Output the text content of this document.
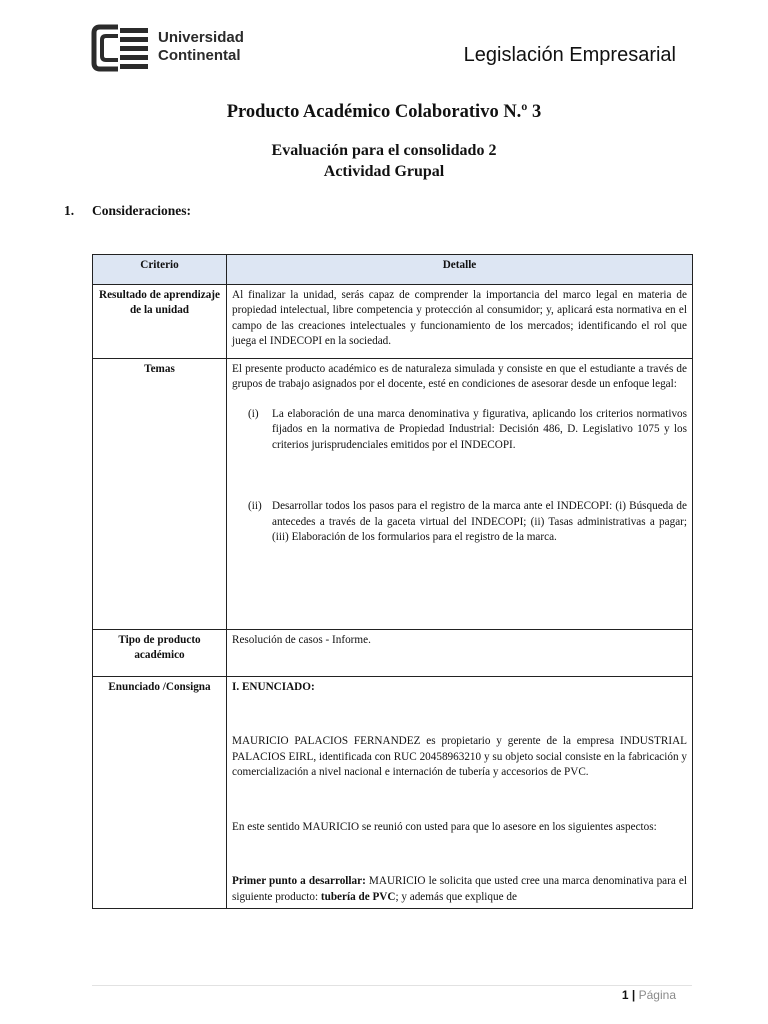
Universidad
Continental	Legislación Empresarial
Producto Académico Colaborativo N.º 3
Evaluación para el consolidado 2
Actividad Grupal
1. Consideraciones:
Criterio	Detalle
Resultado de aprendizaje de la unidad	Al finalizar la unidad, serás capaz de comprender la importancia del marco legal en materia de propiedad intelectual, libre competencia y protección al consumidor; y, aplicará esta normativa en el campo de las creaciones intelectuales y funcionamiento de los mercados; identificando el rol que juega el INDECOPI en la sociedad.
Temas	El presente producto académico es de naturaleza simulada y consiste en que el estudiante a través de grupos de trabajo asignados por el docente, esté en condiciones de asesorar desde un enfoque legal:
(i) La elaboración de una marca denominativa y figurativa, aplicando los criterios normativos fijados en la normativa de Propiedad Industrial: Decisión 486, D. Legislativo 1075 y los criterios jurisprudenciales emitidos por el INDECOPI.
(ii) Desarrollar todos los pasos para el registro de la marca ante el INDECOPI: (i) Búsqueda de antecedes a través de la gaceta virtual del INDECOPI; (ii) Tasas administrativas a pagar; (iii) Elaboración de los formularios para el registro de la marca.

Tipo de producto académico	Resolución de casos - Informe.
Enunciado /Consigna	I. ENUNCIADO:
MAURICIO PALACIOS FERNANDEZ es propietario y gerente de la empresa INDUSTRIAL PALACIOS EIRL, identificada con RUC 20458963210 y su objeto social consiste en la fabricación y comercialización a nivel nacional e internación de tubería y accesorios de PVC.
En este sentido MAURICIO se reunió con usted para que lo asesore en los siguientes aspectos:
Primer punto a desarrollar: MAURICIO le solicita que usted cree una marca denominativa para el siguiente producto: tubería de PVC; y además que explique de
1 | Página
